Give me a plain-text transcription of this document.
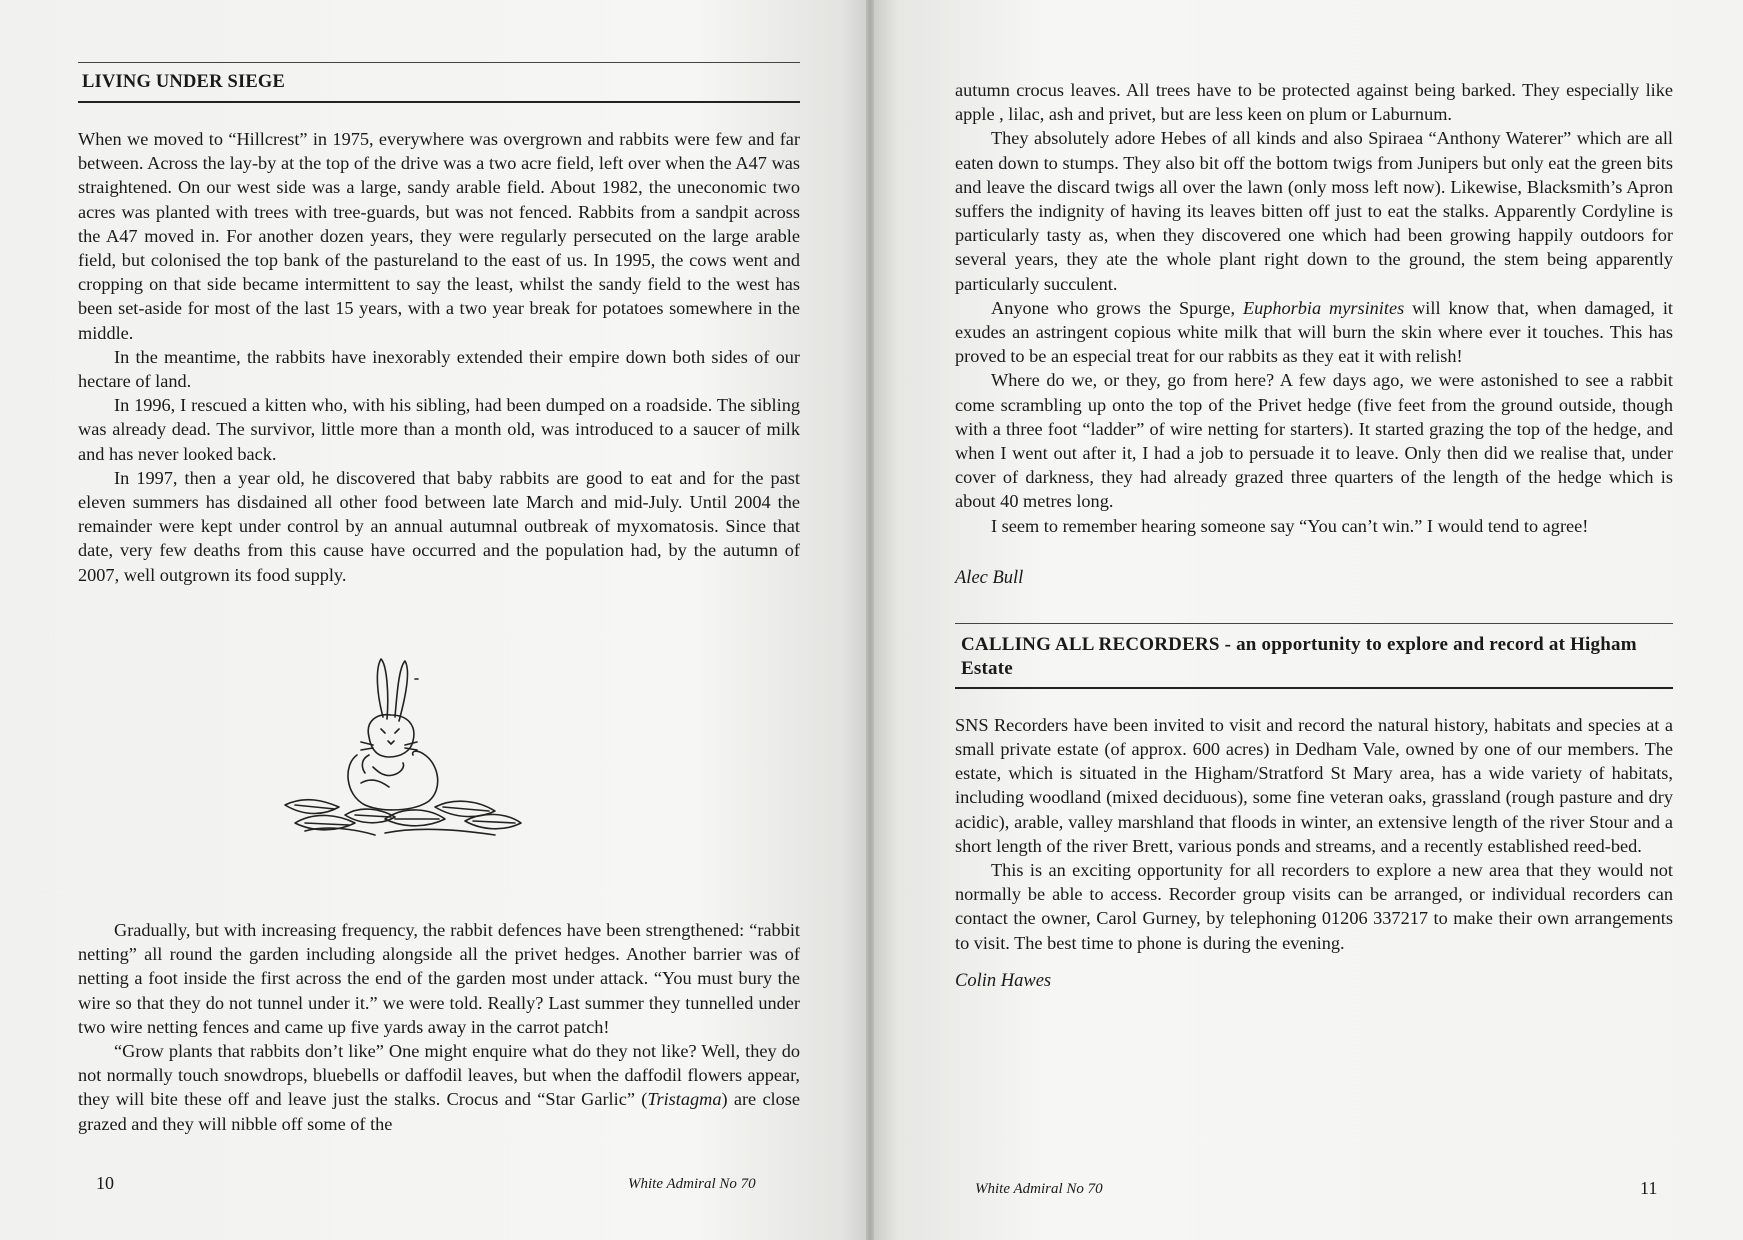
LIVING UNDER SIEGE

When we moved to “Hillcrest” in 1975, everywhere was overgrown and rabbits were few and far between. Across the lay-by at the top of the drive was a two acre field, left over when the A47 was straightened. On our west side was a large, sandy arable field. About 1982, the uneconomic two acres was planted with trees with tree-guards, but was not fenced. Rabbits from a sandpit across the A47 moved in. For another dozen years, they were regularly persecuted on the large arable field, but colonised the top bank of the pastureland to the east of us. In 1995, the cows went and cropping on that side became intermittent to say the least, whilst the sandy field to the west has been set-aside for most of the last 15 years, with a two year break for potatoes somewhere in the middle.

In the meantime, the rabbits have inexorably extended their empire down both sides of our hectare of land.

In 1996, I rescued a kitten who, with his sibling, had been dumped on a roadside. The sibling was already dead. The survivor, little more than a month old, was introduced to a saucer of milk and has never looked back.

In 1997, then a year old, he discovered that baby rabbits are good to eat and for the past eleven summers has disdained all other food between late March and mid-July. Until 2004 the remainder were kept under control by an annual autumnal outbreak of myxomatosis. Since that date, very few deaths from this cause have occurred and the population had, by the autumn of 2007, well outgrown its food supply.

Gradually, but with increasing frequency, the rabbit defences have been strengthened: “rabbit netting” all round the garden including alongside all the privet hedges. Another barrier was of netting a foot inside the first across the end of the garden most under attack. “You must bury the wire so that they do not tunnel under it.” we were told. Really? Last summer they tunnelled under two wire netting fences and came up five yards away in the carrot patch!

“Grow plants that rabbits don’t like” One might enquire what do they not like? Well, they do not normally touch snowdrops, bluebells or daffodil leaves, but when the daffodil flowers appear, they will bite these off and leave just the stalks. Crocus and “Star Garlic” (Tristagma) are close grazed and they will nibble off some of the

10	White Admiral No 70

autumn crocus leaves. All trees have to be protected against being barked. They especially like apple , lilac, ash and privet, but are less keen on plum or Laburnum.

They absolutely adore Hebes of all kinds and also Spiraea “Anthony Waterer” which are all eaten down to stumps. They also bit off the bottom twigs from Junipers but only eat the green bits and leave the discard twigs all over the lawn (only moss left now). Likewise, Blacksmith’s Apron suffers the indignity of having its leaves bitten off just to eat the stalks. Apparently Cordyline is particularly tasty as, when they discovered one which had been growing happily outdoors for several years, they ate the whole plant right down to the ground, the stem being apparently particularly succulent.

Anyone who grows the Spurge, Euphorbia myrsinites will know that, when damaged, it exudes an astringent copious white milk that will burn the skin where ever it touches. This has proved to be an especial treat for our rabbits as they eat it with relish!

Where do we, or they, go from here? A few days ago, we were astonished to see a rabbit come scrambling up onto the top of the Privet hedge (five feet from the ground outside, though with a three foot “ladder” of wire netting for starters). It started grazing the top of the hedge, and when I went out after it, I had a job to persuade it to leave. Only then did we realise that, under cover of darkness, they had already grazed three quarters of the length of the hedge which is about 40 metres long.

I seem to remember hearing someone say “You can’t win.” I would tend to agree!

Alec Bull

CALLING ALL RECORDERS - an opportunity to explore and record at Higham Estate

SNS Recorders have been invited to visit and record the natural history, habitats and species at a small private estate (of approx. 600 acres) in Dedham Vale, owned by one of our members. The estate, which is situated in the Higham/Stratford St Mary area, has a wide variety of habitats, including woodland (mixed deciduous), some fine veteran oaks, grassland (rough pasture and dry acidic), arable, valley marshland that floods in winter, an extensive length of the river Stour and a short length of the river Brett, various ponds and streams, and a recently established reed-bed.

This is an exciting opportunity for all recorders to explore a new area that they would not normally be able to access. Recorder group visits can be arranged, or individual recorders can contact the owner, Carol Gurney, by telephoning 01206 337217 to make their own arrangements to visit. The best time to phone is during the evening.

Colin Hawes

White Admiral No 70	11
